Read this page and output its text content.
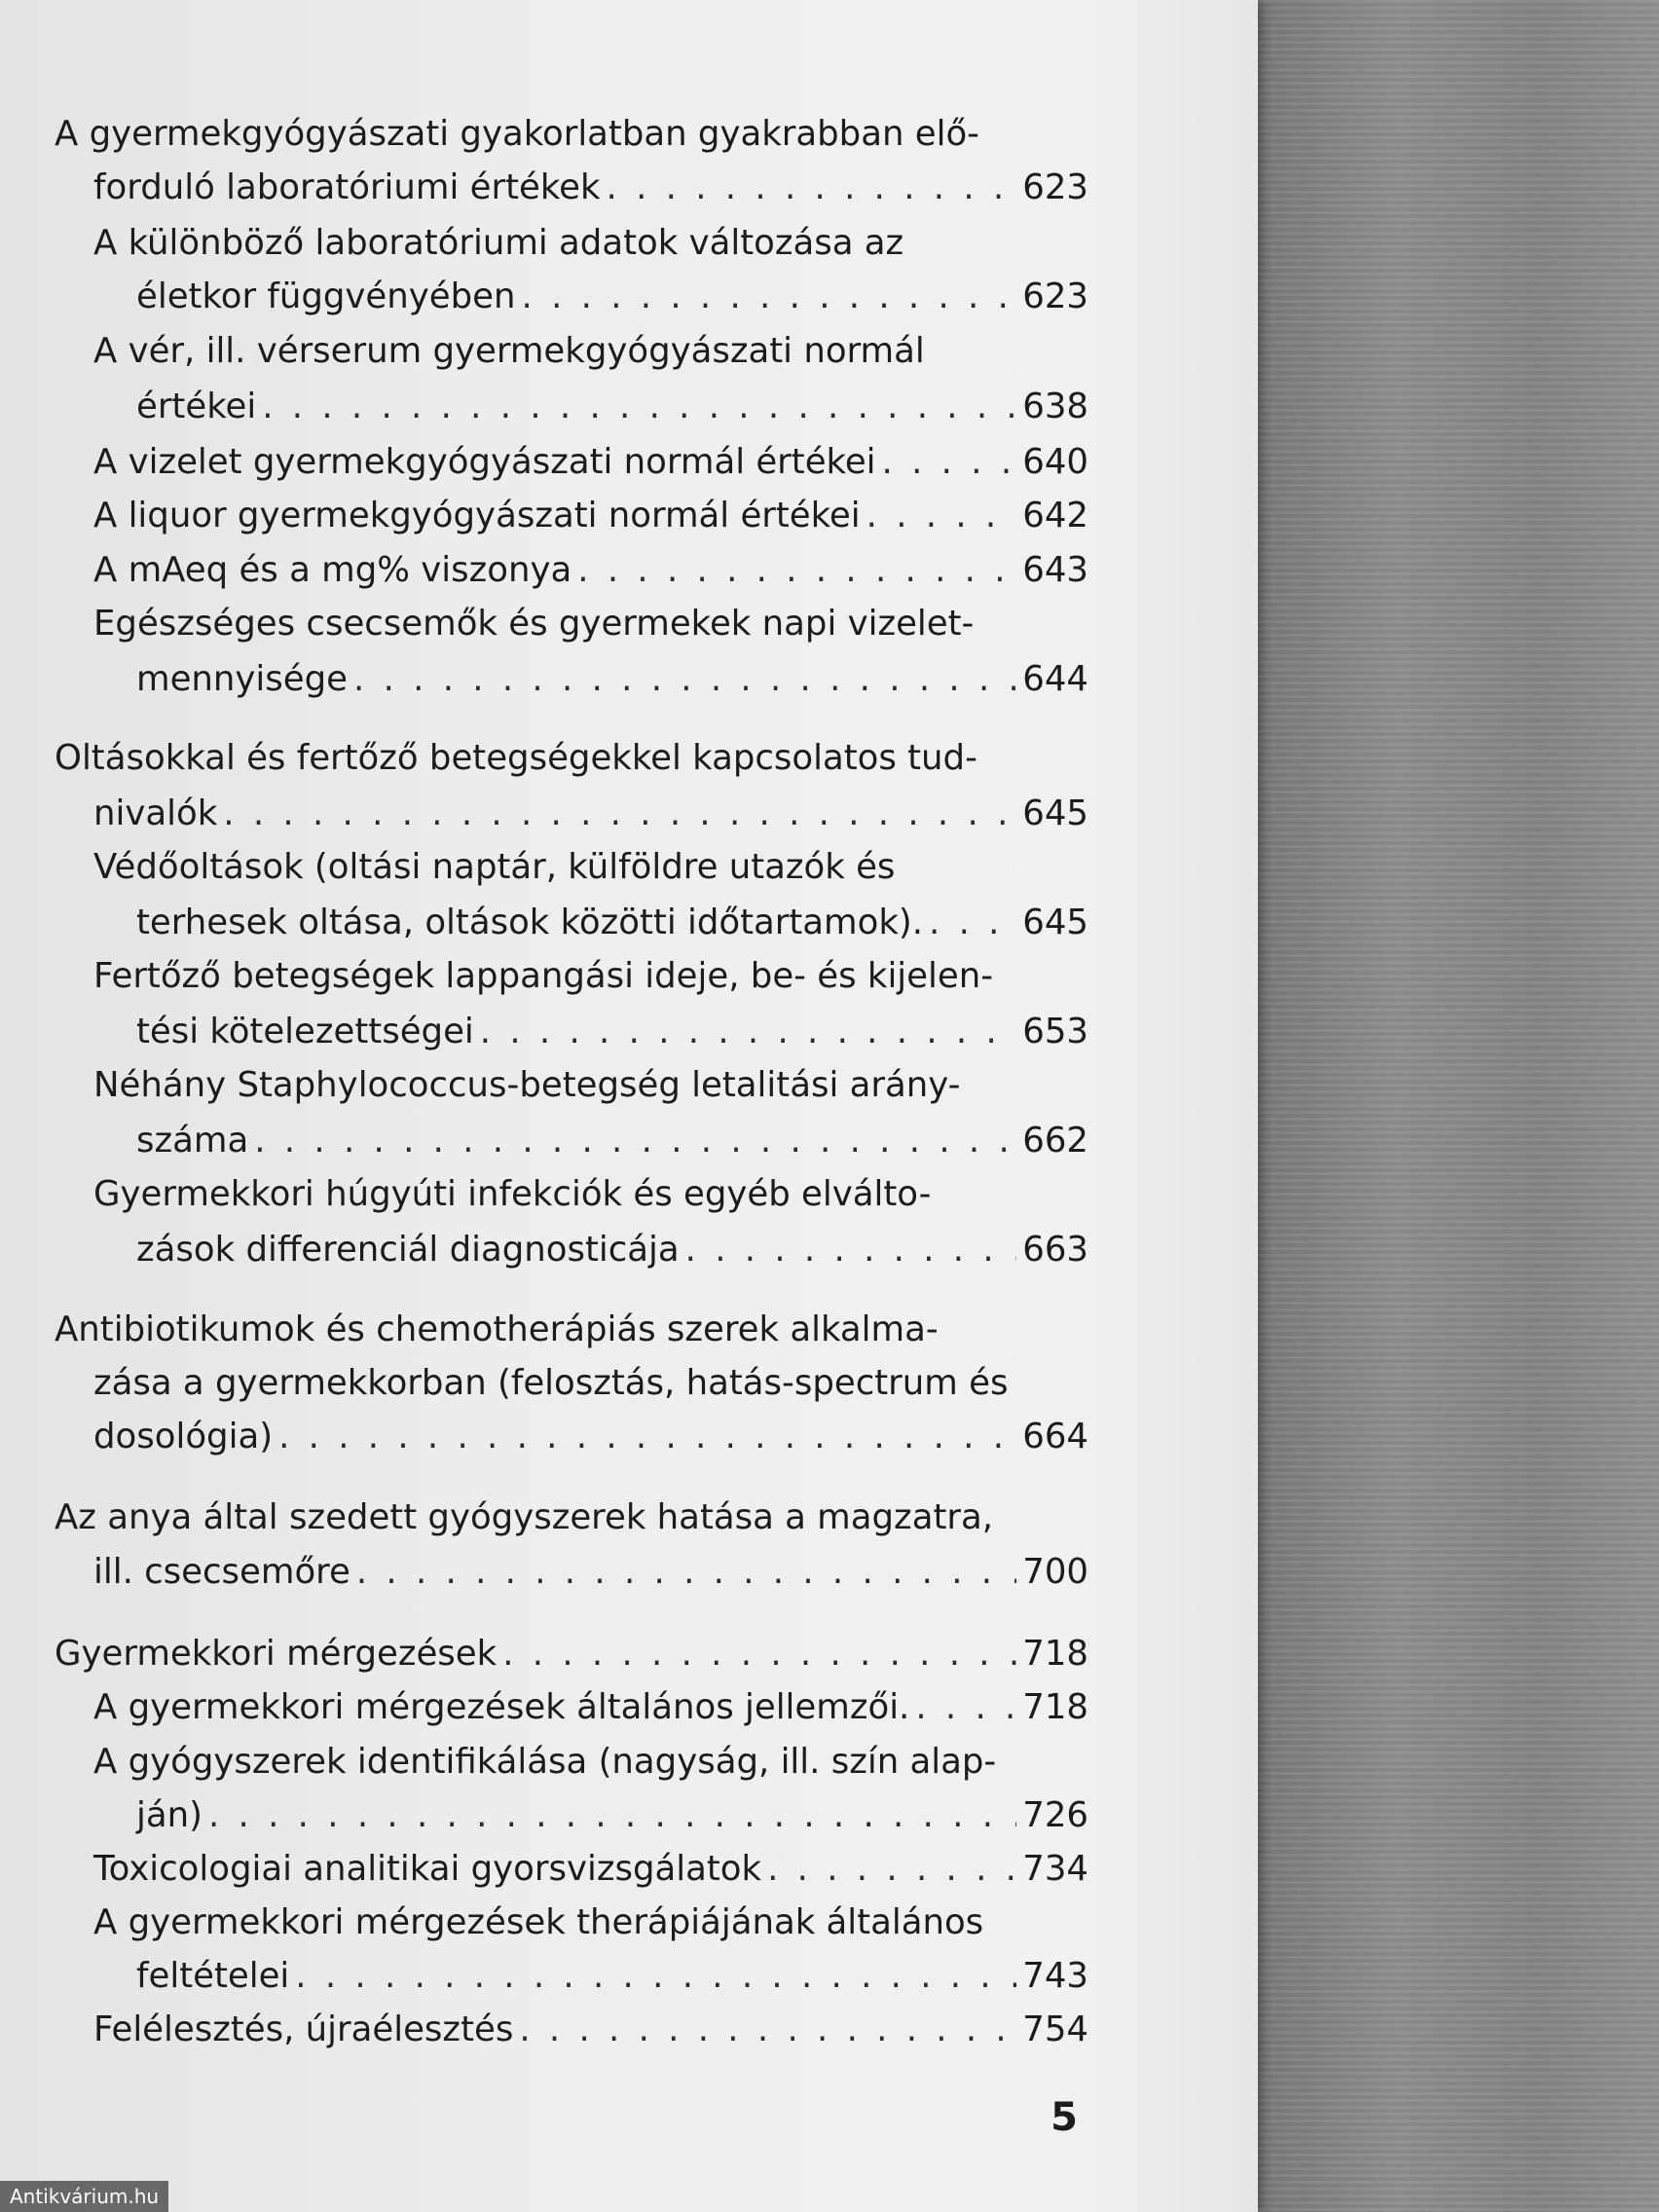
A gyermekgyógyászati gyakorlatban gyakrabban elő-
forduló laboratóriumi értékek . . .	623
A különböző laboratóriumi adatok változása az
életkor függvényében . . .	623
A vér, ill. vérserum gyermekgyógyászati normál
értékei . . .	638
A vizelet gyermekgyógyászati normál értékei . . .	640
A liquor gyermekgyógyászati normál értékei . . .	642
A mAeq és a mg% viszonya . . .	643
Egészséges csecsemők és gyermekek napi vizelet-
mennyisége . . .	644
Oltásokkal és fertőző betegségekkel kapcsolatos tud-
nivalók . . .	645
Védőoltások (oltási naptár, külföldre utazók és
terhesek oltása, oltások közötti időtartamok). . . .	645
Fertőző betegségek lappangási ideje, be- és kijelen-
tési kötelezettségei . . .	653
Néhány Staphylococcus-betegség letalitási arány-
száma . . .	662
Gyermekkori húgyúti infekciók és egyéb elválto-
zások differenciál diagnosticája . . .	663
Antibiotikumok és chemotherápiás szerek alkalma-
zása a gyermekkorban (felosztás, hatás-spectrum és
dosológia) . . .	664
Az anya által szedett gyógyszerek hatása a magzatra,
ill. csecsemőre . . .	700
Gyermekkori mérgezések . . .	718
A gyermekkori mérgezések általános jellemzői. . . .	718
A gyógyszerek identifikálása (nagyság, ill. szín alap-
ján) . . .	726
Toxicologiai analitikai gyorsvizsgálatok . . .	734
A gyermekkori mérgezések therápiájának általános
feltételei . . .	743
Felélesztés, újraélesztés . . .	754
5
Antikvárium.hu
